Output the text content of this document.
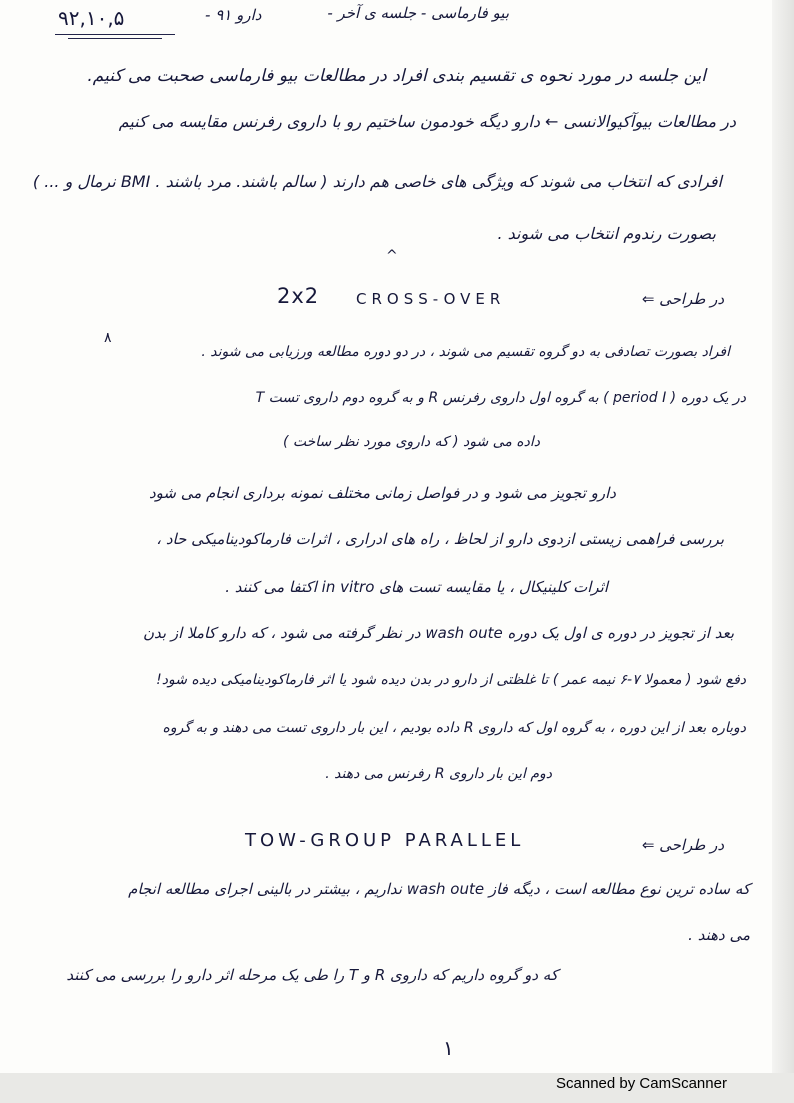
۹۲,۱۰,۵	دارو ۹۱ -	بیو فارماسی - جلسه ی آخر -
این جلسه در مورد نحوه ی تقسیم بندی افراد در مطالعات بیو فارماسی صحبت می کنیم.
در مطالعات بیوآکیوالانسی ← دارو دیگه خودمون ساختیم رو با داروی رفرنس مقایسه می کنیم
افرادی که انتخاب می شوند که ویژگی های خاصی هم دارند ( سالم باشند. مرد باشند . BMI نرمال و ... )
بصورت رندوم انتخاب می شوند .
^
2x2 CROSS-OVER	در طراحی ⇐
۸
افراد بصورت تصادفی به دو گروه تقسیم می شوند ، در دو دوره مطالعه ورزیابی می شوند .
در یک دوره ( period I ) به گروه اول داروی رفرنس R و به گروه دوم داروی تست T
داده می شود ( که داروی مورد نظر ساخت )
دارو تجویز می شود و در فواصل زمانی مختلف نمونه برداری انجام می شود
بررسی فراهمی زیستی ازدوی دارو از لحاظ ، راه های ادراری ، اثرات فارماکودینامیکی حاد ،
اثرات کلینیکال ، یا مقایسه تست های in vitro اکتفا می کنند .
بعد از تجویز در دوره ی اول یک دوره wash oute در نظر گرفته می شود ، که دارو کاملا از بدن
دفع شود ( معمولا ۷-۶ نیمه عمر ) تا غلظتی از دارو در بدن دیده شود یا اثر فارماکودینامیکی دیده شود!
دوباره بعد از این دوره ، به گروه اول که داروی R داده بودیم ، این بار داروی تست می دهند و به گروه
دوم این بار داروی R رفرنس می دهند .
TOW-GROUP PARALLEL	در طراحی ⇐
که ساده ترین نوع مطالعه است ، دیگه فاز wash oute نداریم ، بیشتر در بالینی اجرای مطالعه انجام
می دهند .
که دو گروه داریم که داروی R و T را طی یک مرحله اثر دارو را بررسی می کنند
۱
Scanned by CamScanner
